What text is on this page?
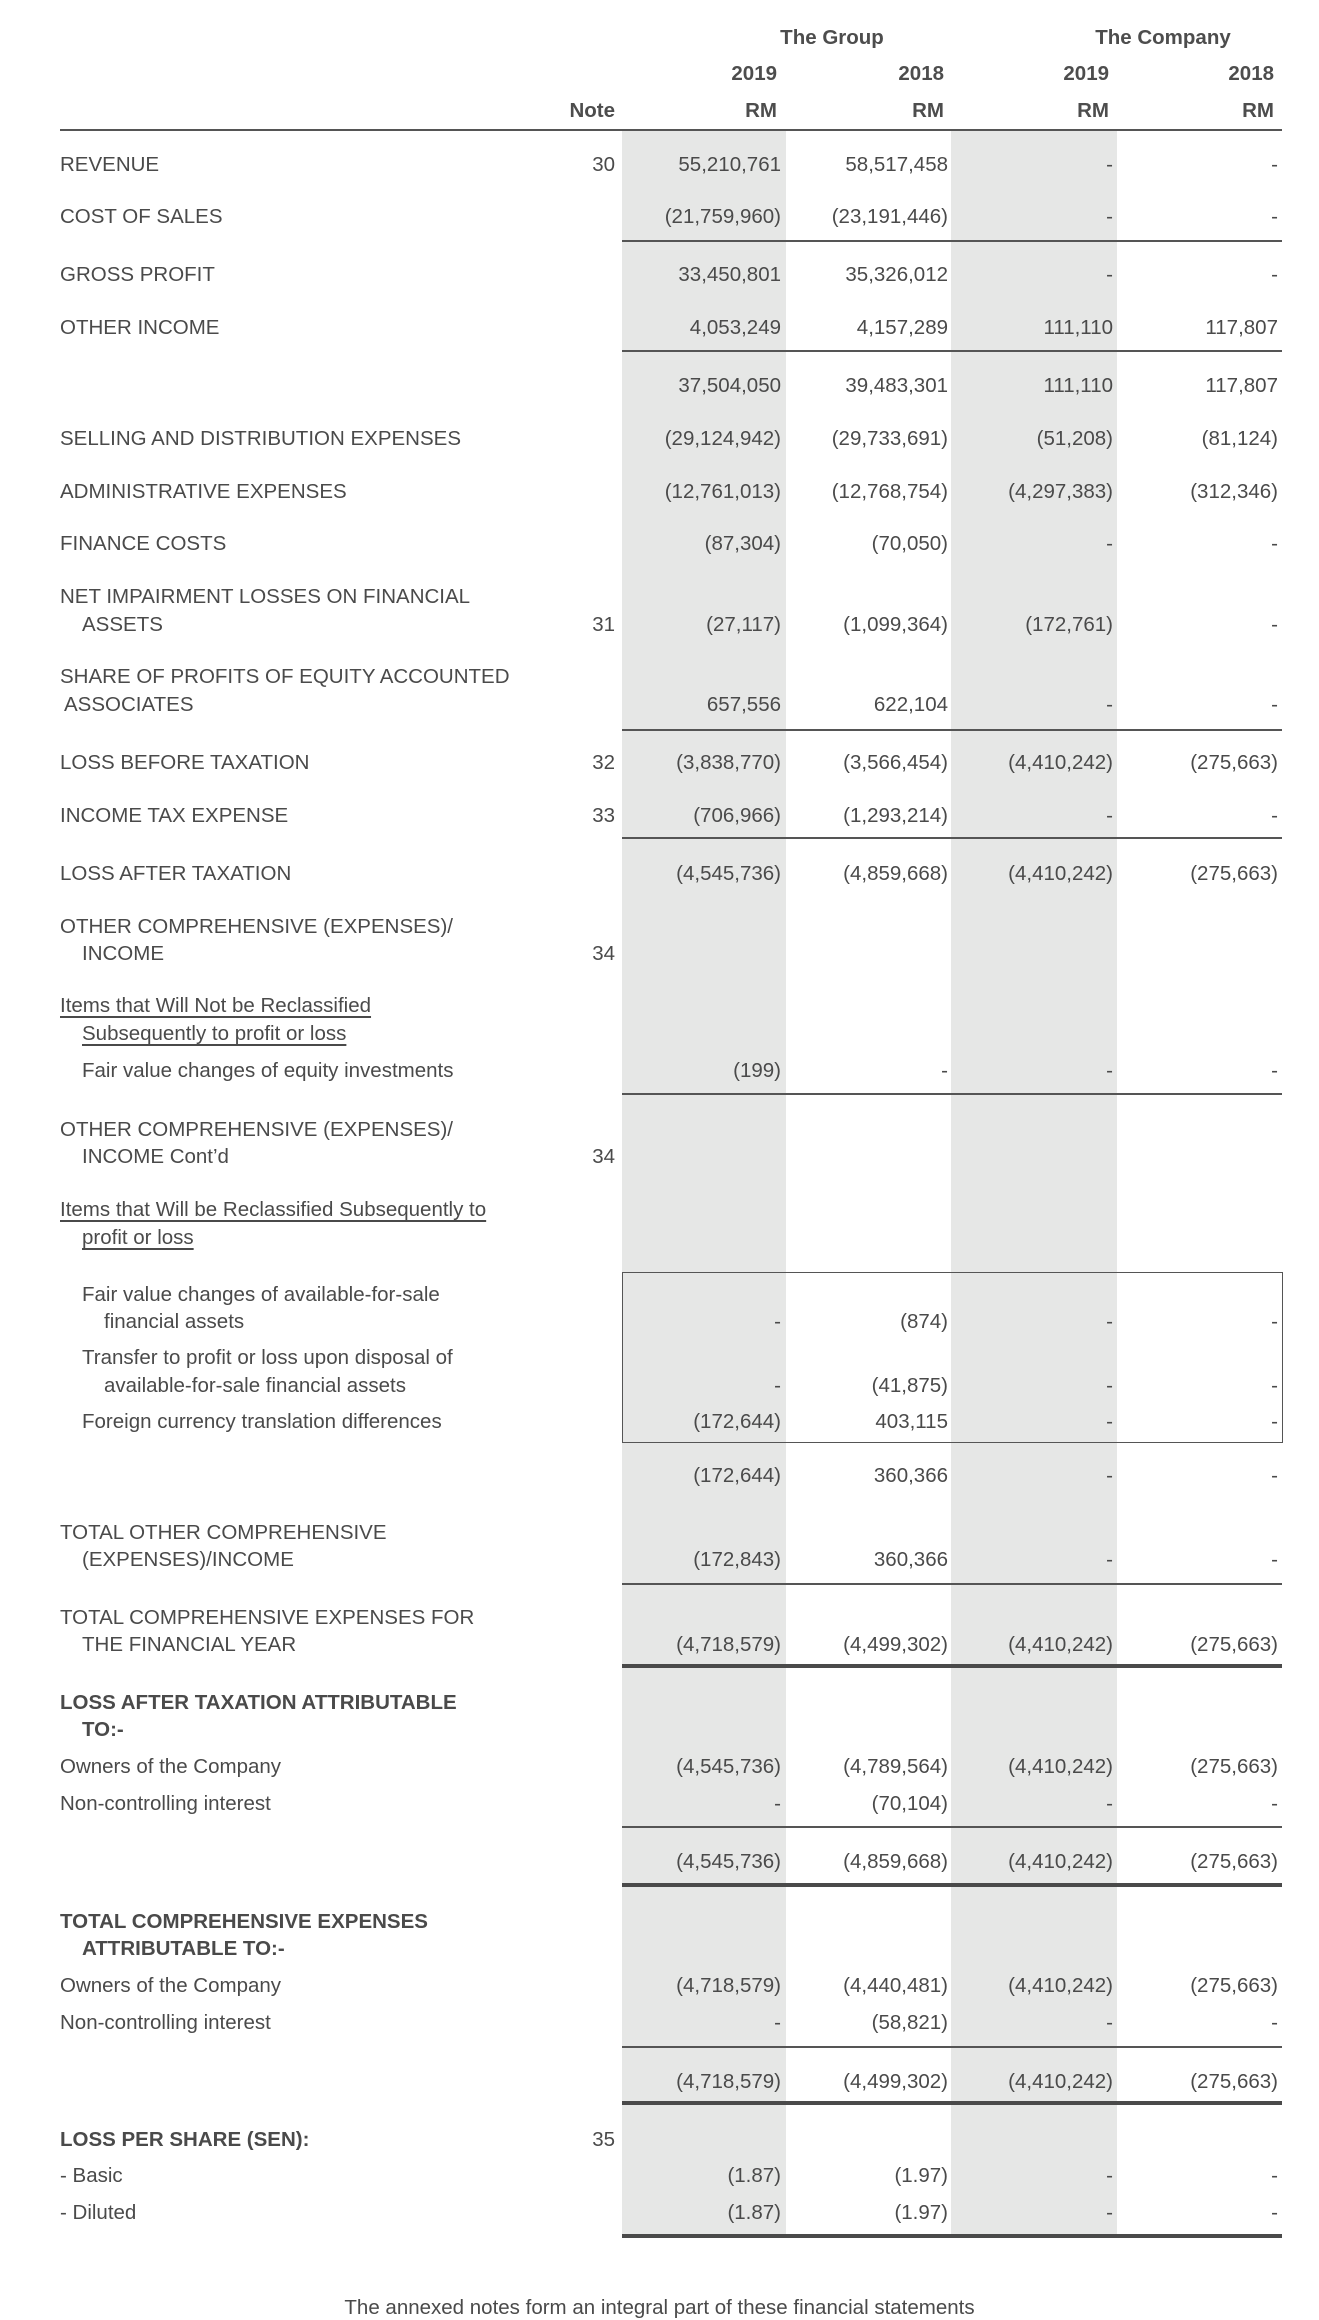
The Group	The Company
2019	2018	2019	2018
Note	RM	RM	RM	RM
REVENUE	30	55,210,761	58,517,458	-	-
COST OF SALES	(21,759,960)	(23,191,446)	-	-
GROSS PROFIT	33,450,801	35,326,012	-	-
OTHER INCOME	4,053,249	4,157,289	111,110	117,807
37,504,050	39,483,301	111,110	117,807
SELLING AND DISTRIBUTION EXPENSES	(29,124,942)	(29,733,691)	(51,208)	(81,124)
ADMINISTRATIVE EXPENSES	(12,761,013)	(12,768,754)	(4,297,383)	(312,346)
FINANCE COSTS	(87,304)	(70,050)	-	-
NET IMPAIRMENT LOSSES ON FINANCIAL
ASSETS	31	(27,117)	(1,099,364)	(172,761)	-
SHARE OF PROFITS OF EQUITY ACCOUNTED
ASSOCIATES	657,556	622,104	-	-
LOSS BEFORE TAXATION	32	(3,838,770)	(3,566,454)	(4,410,242)	(275,663)
INCOME TAX EXPENSE	33	(706,966)	(1,293,214)	-	-
LOSS AFTER TAXATION	(4,545,736)	(4,859,668)	(4,410,242)	(275,663)
OTHER COMPREHENSIVE (EXPENSES)/
INCOME	34
Items that Will Not be Reclassified
Subsequently to profit or loss
Fair value changes of equity investments	(199)	-	-	-
OTHER COMPREHENSIVE (EXPENSES)/
INCOME Cont’d	34
Items that Will be Reclassified Subsequently to
profit or loss
Fair value changes of available-for-sale
financial assets	-	(874)	-	-
Transfer to profit or loss upon disposal of
available-for-sale financial assets	-	(41,875)	-	-
Foreign currency translation differences	(172,644)	403,115	-	-
(172,644)	360,366	-	-
TOTAL OTHER COMPREHENSIVE
(EXPENSES)/INCOME	(172,843)	360,366	-	-
TOTAL COMPREHENSIVE EXPENSES FOR
THE FINANCIAL YEAR	(4,718,579)	(4,499,302)	(4,410,242)	(275,663)
LOSS AFTER TAXATION ATTRIBUTABLE
TO:-
Owners of the Company	(4,545,736)	(4,789,564)	(4,410,242)	(275,663)
Non-controlling interest	-	(70,104)	-	-
(4,545,736)	(4,859,668)	(4,410,242)	(275,663)
TOTAL COMPREHENSIVE EXPENSES
ATTRIBUTABLE TO:-
Owners of the Company	(4,718,579)	(4,440,481)	(4,410,242)	(275,663)
Non-controlling interest	-	(58,821)	-	-
(4,718,579)	(4,499,302)	(4,410,242)	(275,663)
LOSS PER SHARE (SEN):	35
- Basic	(1.87)	(1.97)	-	-
- Diluted	(1.87)	(1.97)	-	-
The annexed notes form an integral part of these financial statements
